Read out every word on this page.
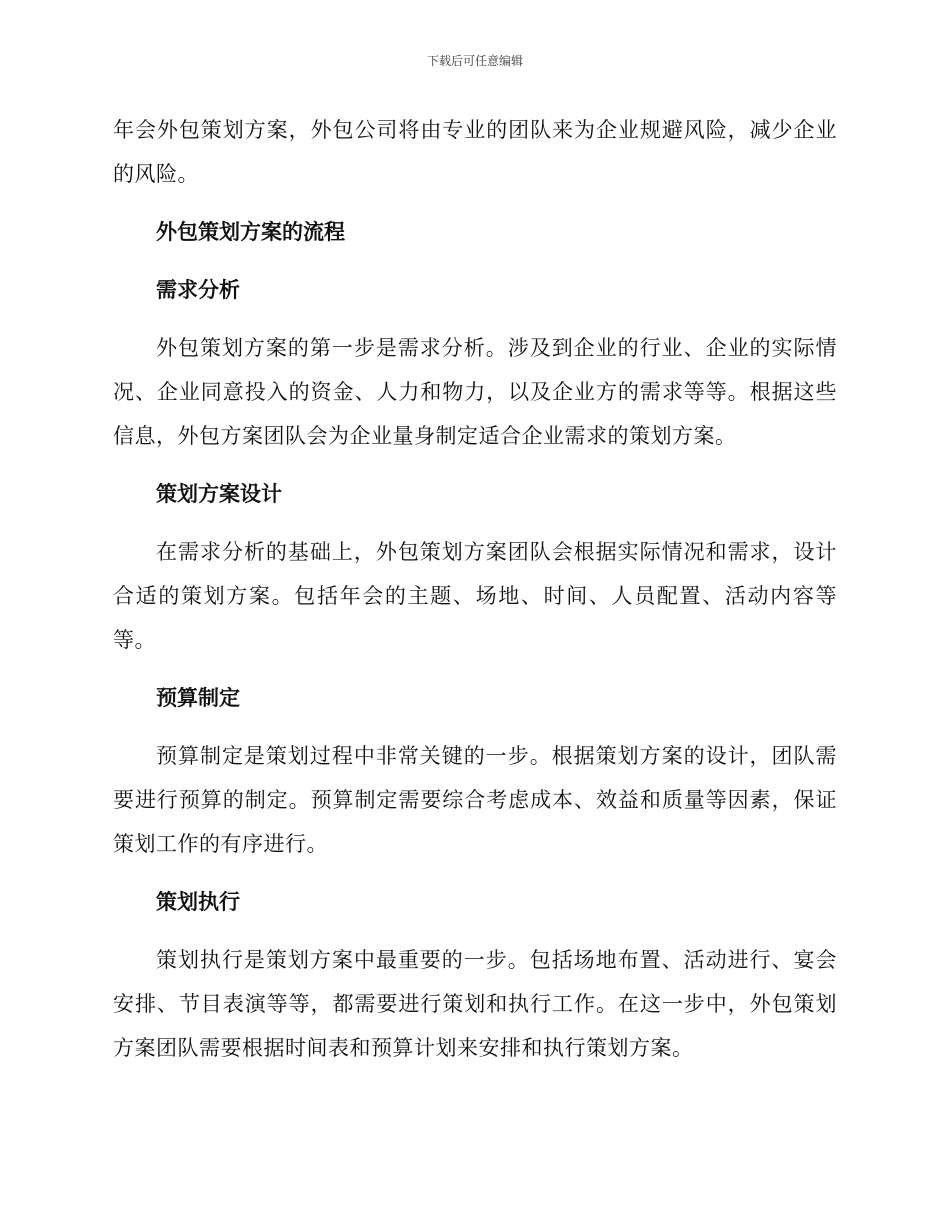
下载后可任意编辑

年会外包策划方案，外包公司将由专业的团队来为企业规避风险，减少企业的风险。

外包策划方案的流程
需求分析

外包策划方案的第一步是需求分析。涉及到企业的行业、企业的实际情况、企业同意投入的资金、人力和物力，以及企业方的需求等等。根据这些信息，外包方案团队会为企业量身制定适合企业需求的策划方案。

策划方案设计

在需求分析的基础上，外包策划方案团队会根据实际情况和需求，设计合适的策划方案。包括年会的主题、场地、时间、人员配置、活动内容等等。

预算制定

预算制定是策划过程中非常关键的一步。根据策划方案的设计，团队需要进行预算的制定。预算制定需要综合考虑成本、效益和质量等因素，保证策划工作的有序进行。

策划执行

策划执行是策划方案中最重要的一步。包括场地布置、活动进行、宴会安排、节目表演等等，都需要进行策划和执行工作。在这一步中，外包策划方案团队需要根据时间表和预算计划来安排和执行策划方案。
